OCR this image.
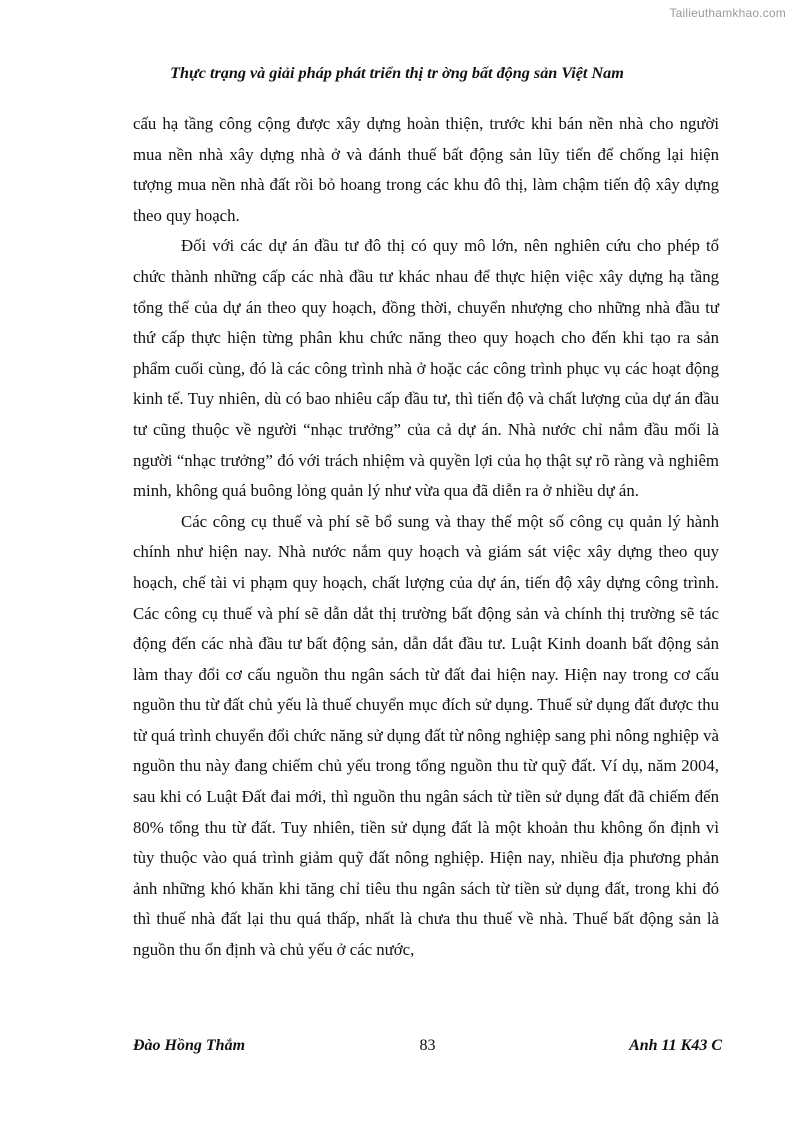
Tailieuthamkhao.com
Thực trạng và giải pháp phát triển thị tr ờng bất động sản Việt Nam

cấu hạ tầng công cộng được xây dựng hoàn thiện, trước khi bán nền nhà cho người mua nền nhà xây dựng nhà ở và đánh thuế bất động sản lũy tiến để chống lại hiện tượng mua nền nhà đất rồi bỏ hoang trong các khu đô thị, làm chậm tiến độ xây dựng theo quy hoạch.

Đối với các dự án đầu tư đô thị có quy mô lớn, nên nghiên cứu cho phép tổ chức thành những cấp các nhà đầu tư khác nhau để thực hiện việc xây dựng hạ tầng tổng thể của dự án theo quy hoạch, đồng thời, chuyển nhượng cho những nhà đầu tư thứ cấp thực hiện từng phân khu chức năng theo quy hoạch cho đến khi tạo ra sản phẩm cuối cùng, đó là các công trình nhà ở hoặc các công trình phục vụ các hoạt động kinh tế. Tuy nhiên, dù có bao nhiêu cấp đầu tư, thì tiến độ và chất lượng của dự án đầu tư cũng thuộc về người “nhạc trưởng” của cả dự án. Nhà nước chỉ nắm đầu mối là người “nhạc trưởng” đó với trách nhiệm và quyền lợi của họ thật sự rõ ràng và nghiêm minh, không quá buông lỏng quản lý như vừa qua đã diễn ra ở nhiều dự án.

Các công cụ thuế và phí sẽ bổ sung và thay thế một số công cụ quản lý hành chính như hiện nay. Nhà nước nắm quy hoạch và giám sát việc xây dựng theo quy hoạch, chế tài vi phạm quy hoạch, chất lượng của dự án, tiến độ xây dựng công trình. Các công cụ thuế và phí sẽ dẫn dắt thị trường bất động sản và chính thị trường sẽ tác động đến các nhà đầu tư bất động sản, dẫn dắt đầu tư. Luật Kinh doanh bất động sản làm thay đổi cơ cấu nguồn thu ngân sách từ đất đai hiện nay. Hiện nay trong cơ cấu nguồn thu từ đất chủ yếu là thuế chuyển mục đích sử dụng. Thuế sử dụng đất được thu từ quá trình chuyển đổi chức năng sử dụng đất từ nông nghiệp sang phi nông nghiệp và nguồn thu này đang chiếm chủ yếu trong tổng nguồn thu từ quỹ đất. Ví dụ, năm 2004, sau khi có Luật Đất đai mới, thì nguồn thu ngân sách từ tiền sử dụng đất đã chiếm đến 80% tổng thu từ đất. Tuy nhiên, tiền sử dụng đất là một khoản thu không ổn định vì tùy thuộc vào quá trình giảm quỹ đất nông nghiệp. Hiện nay, nhiều địa phương phản ảnh những khó khăn khi tăng chỉ tiêu thu ngân sách từ tiền sử dụng đất, trong khi đó thì thuế nhà đất lại thu quá thấp, nhất là chưa thu thuế về nhà. Thuế bất động sản là nguồn thu ổn định và chủ yếu ở các nước,

Đào Hồng Thắm	83	Anh 11 K43 C
